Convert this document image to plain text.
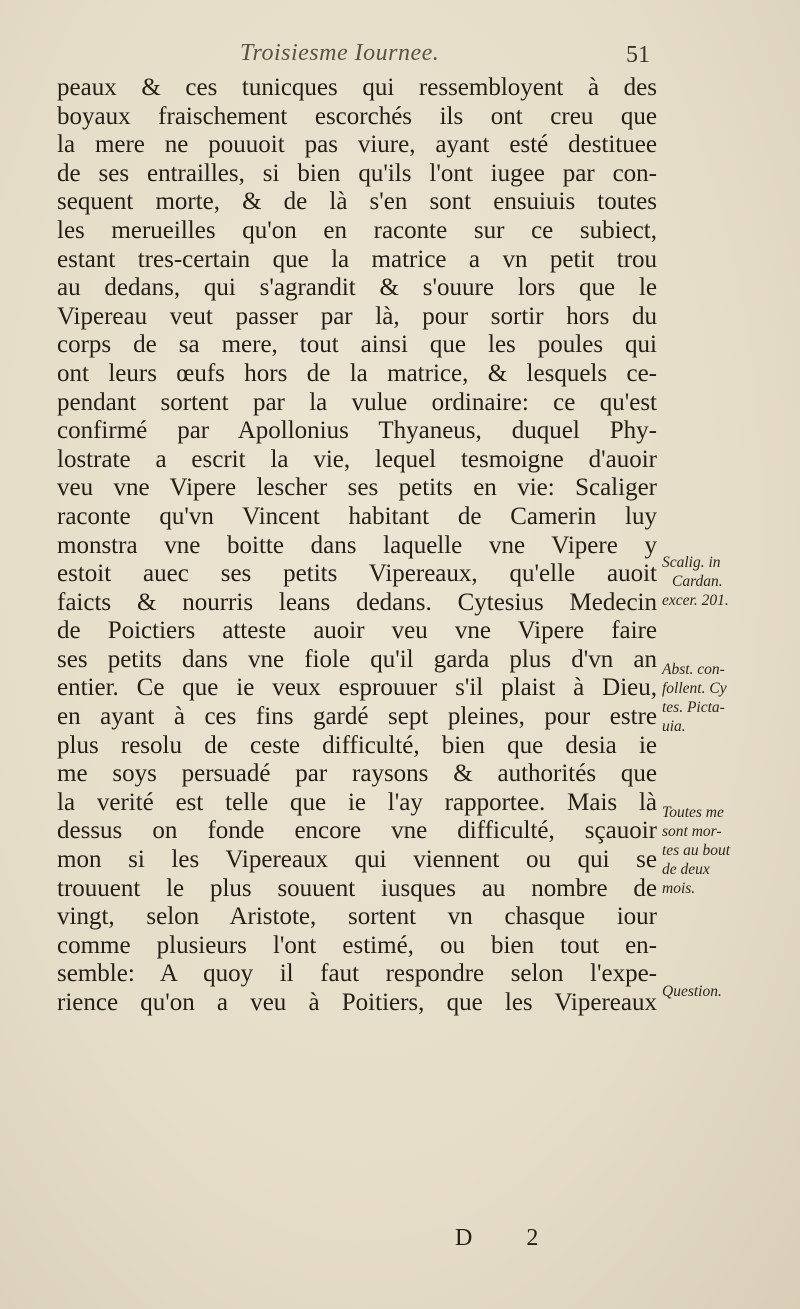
Troisiesme Iournee.	51
peaux & ces tunicques qui ressembloyent à des
boyaux fraischement escorchés ils ont creu que
la mere ne pouuoit pas viure, ayant esté destituee
de ses entrailles, si bien qu'ils l'ont iugee par con-
sequent morte, & de là s'en sont ensuiuis toutes
les merueilles qu'on en raconte sur ce subiect,
estant tres-certain que la matrice a vn petit trou
au dedans, qui s'agrandit & s'ouure lors que le
Vipereau veut passer par là, pour sortir hors du
corps de sa mere, tout ainsi que les poules qui
ont leurs œufs hors de la matrice, & lesquels ce-
pendant sortent par la vulue ordinaire: ce qu'est
confirmé par Apollonius Thyaneus, duquel Phy-
lostrate a escrit la vie, lequel tesmoigne d'auoir
veu vne Vipere lescher ses petits en vie: Scaliger
raconte qu'vn Vincent habitant de Camerin luy
monstra vne boitte dans laquelle vne Vipere y
estoit auec ses petits Vipereaux, qu'elle auoit
faicts & nourris leans dedans. Cytesius Medecin
de Poictiers atteste auoir veu vne Vipere faire
ses petits dans vne fiole qu'il garda plus d'vn an
entier. Ce que ie veux esprouuer s'il plaist à Dieu,
en ayant à ces fins gardé sept pleines, pour estre
plus resolu de ceste difficulté, bien que desia ie
me soys persuadé par raysons & authorités que
la verité est telle que ie l'ay rapportee. Mais là
dessus on fonde encore vne difficulté, sçauoir
mon si les Vipereaux qui viennent ou qui se
trouuent le plus souuent iusques au nombre de
vingt, selon Aristote, sortent vn chasque iour
comme plusieurs l'ont estimé, ou bien tout en-
semble: A quoy il faut respondre selon l'expe-
rience qu'on a veu à Poitiers, que les Vipereaux
Scalig. in
Cardan.
excer. 201.
Abst. con-
follent. Cy
tes. Picta-
uia.
Toutes me
sont mor-
tes au bout
de deux
mois.
Question.
D 2
